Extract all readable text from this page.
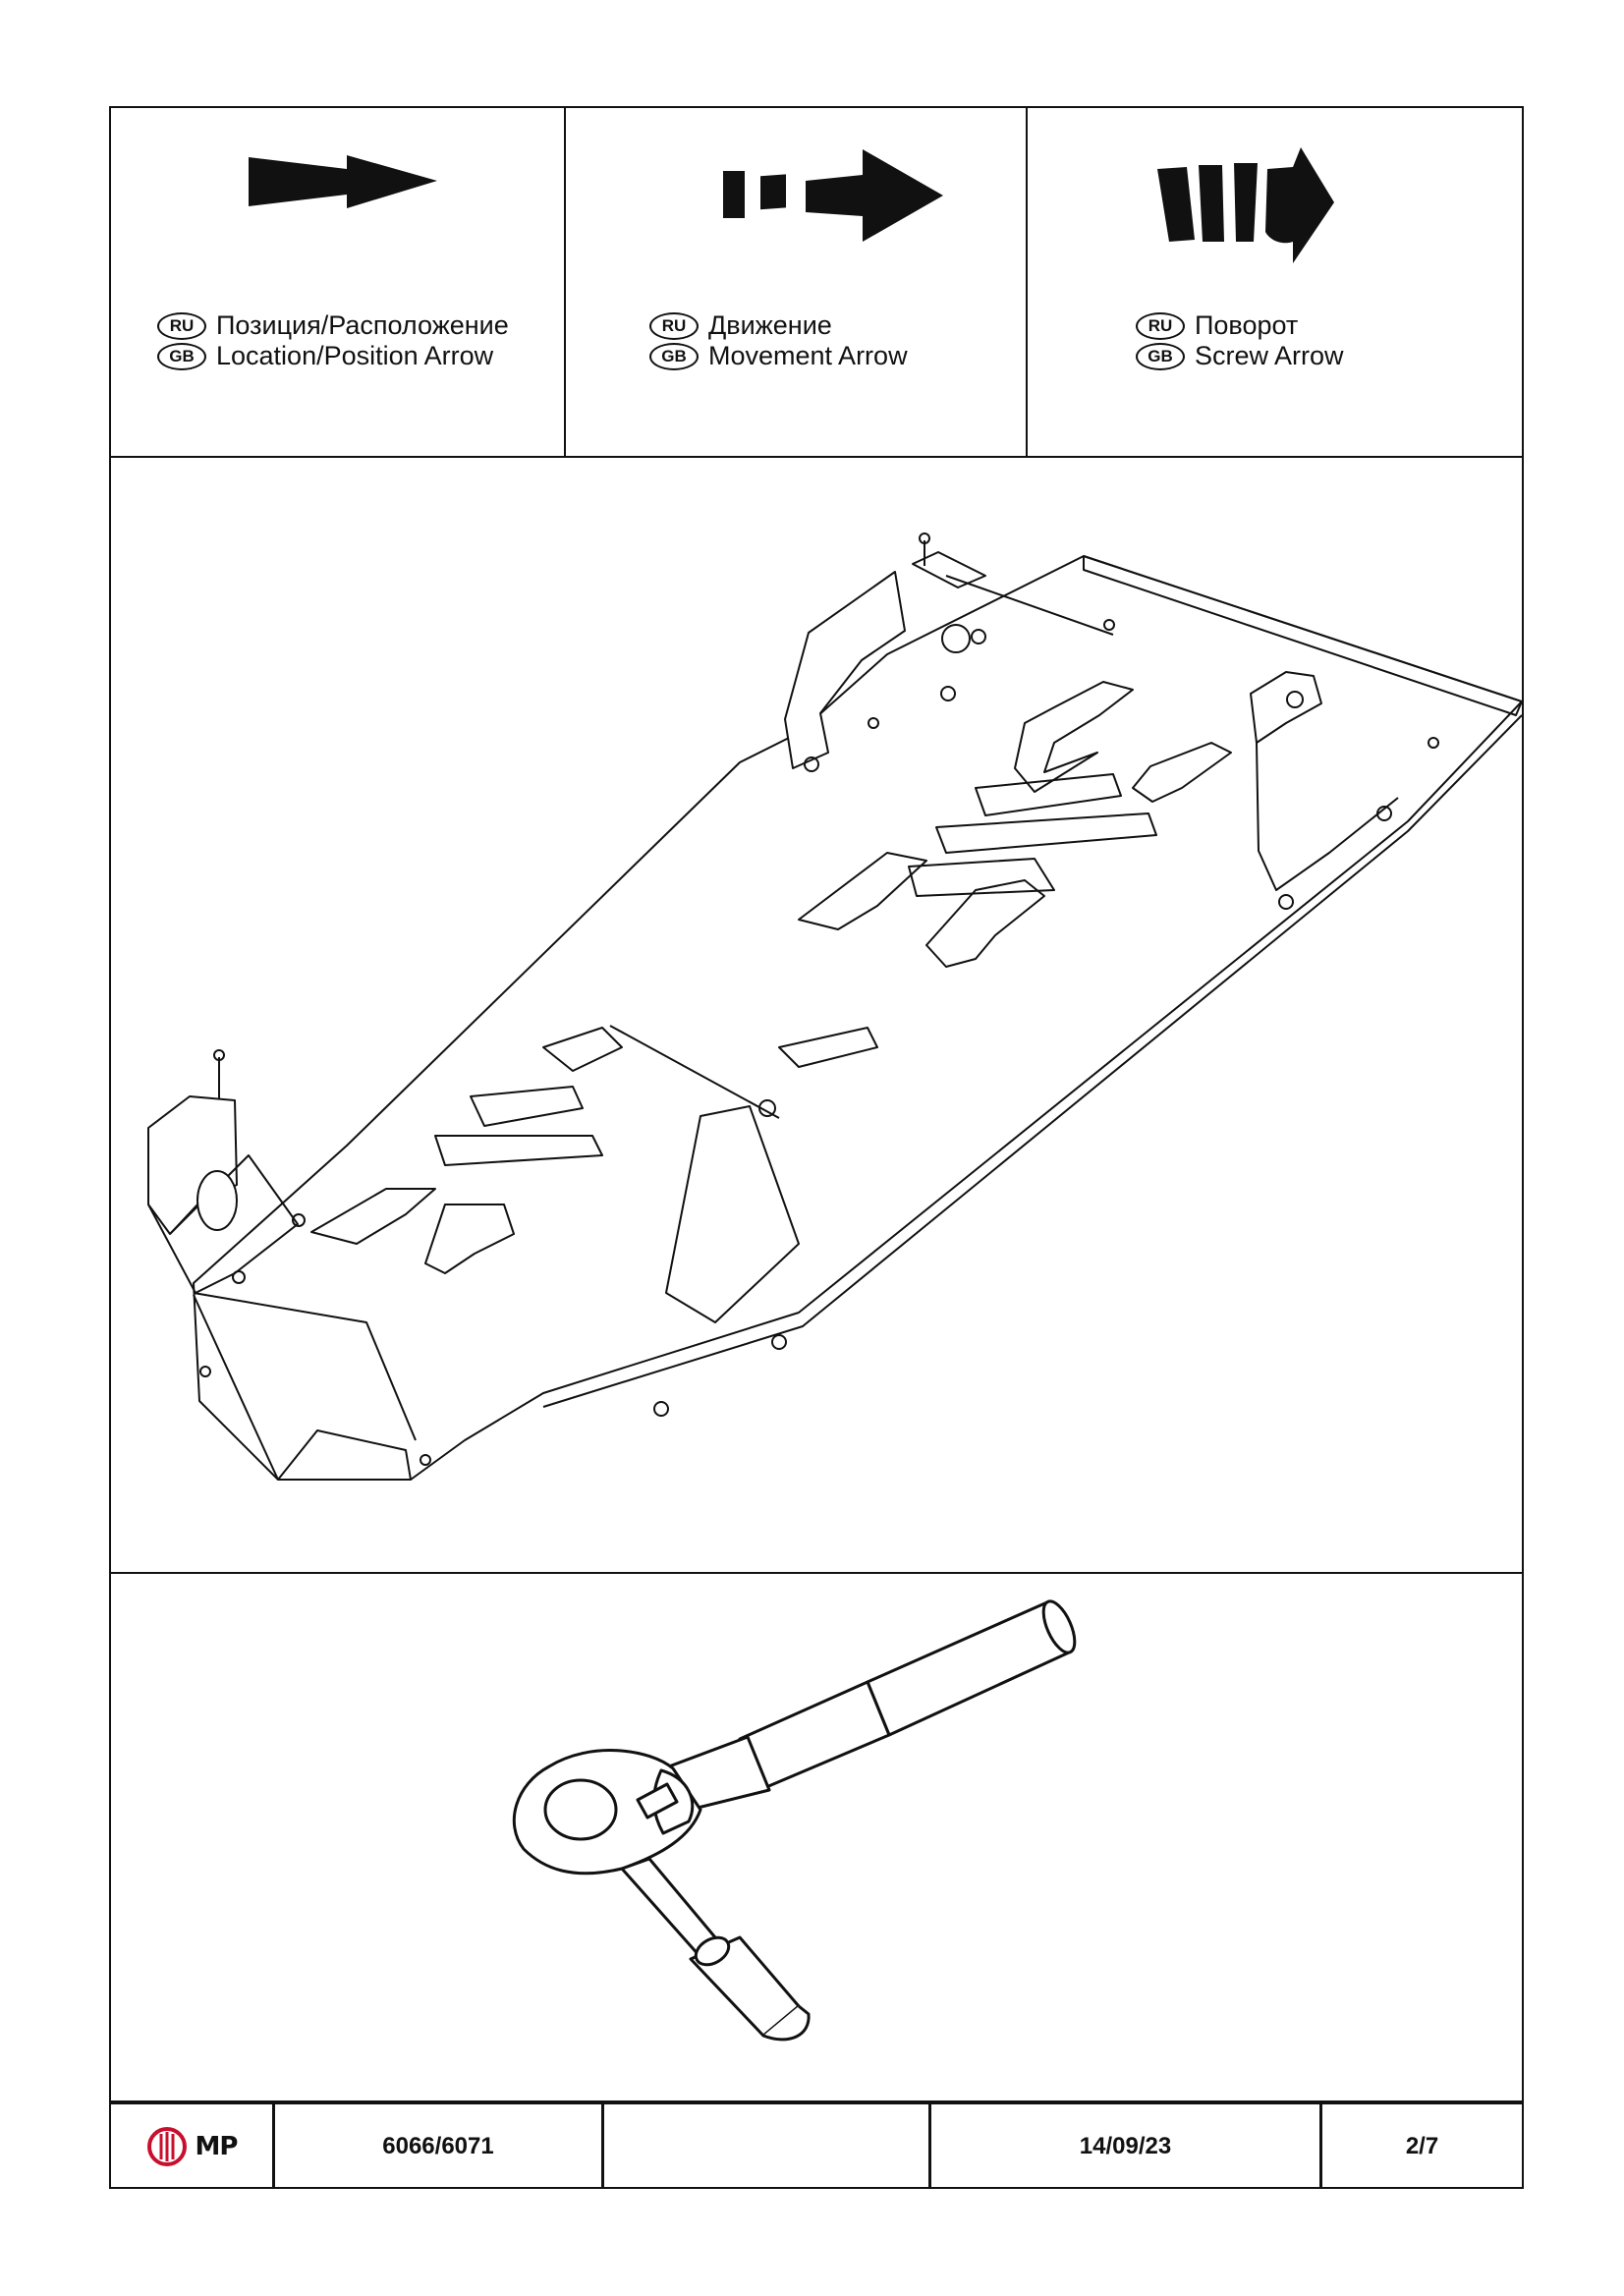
RU Позиция/Расположение
GB Location/Position Arrow
RU Движение
GB Movement Arrow
RU Поворот
GB Screw Arrow
MP	6066/6071	14/09/23	2/7
